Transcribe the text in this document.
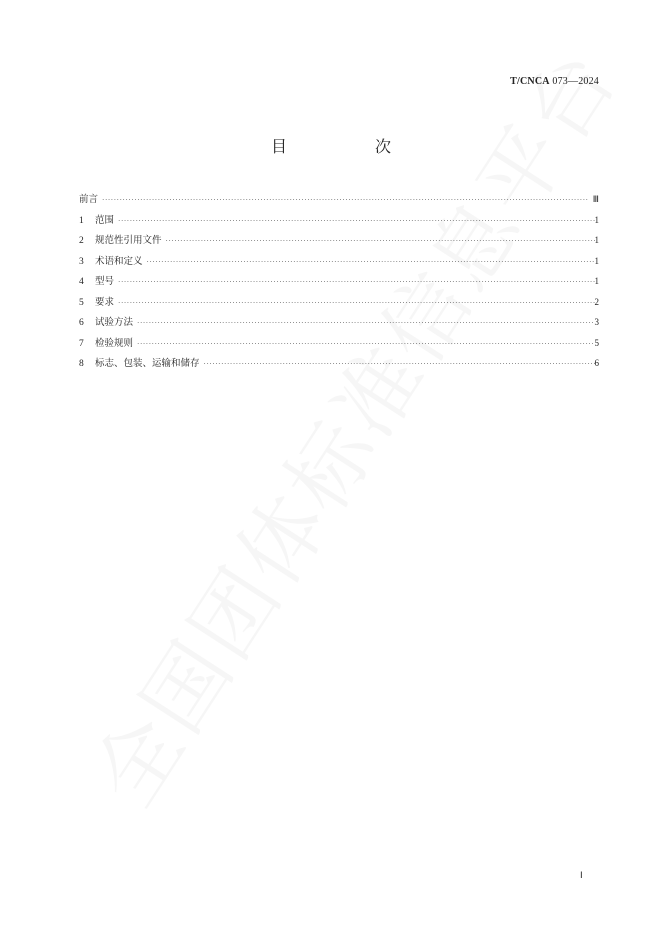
T/CNCA 073—2024
目　次
前言 ·····	Ⅲ
1	范围 ·····	1
2	规范性引用文件 ·····	1
3	术语和定义 ·····	1
4	型号 ·····	1
5	要求 ·····	2
6	试验方法 ·····	3
7	检验规则 ·····	5
8	标志、包装、运输和储存 ·····	6
Ⅰ
